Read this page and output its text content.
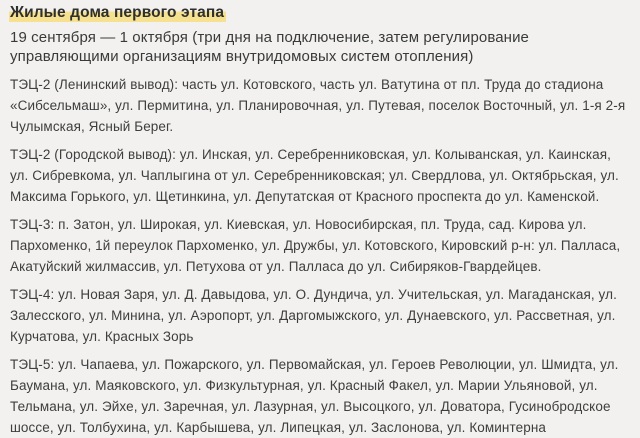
Жилые дома первого этапа

19 сентября — 1 октября (три дня на подключение, затем регулирование управляющими организациям внутридомовых систем отопления)

ТЭЦ-2 (Ленинский вывод): часть ул. Котовского, часть ул. Ватутина от пл. Труда до стадиона «Сибсельмаш», ул. Пермитина, ул. Планировочная, ул. Путевая, поселок Восточный, ул. 1-я 2-я Чулымская, Ясный Берег.

ТЭЦ-2 (Городской вывод): ул. Инская, ул. Серебренниковская, ул. Колыванская, ул. Каинская, ул. Сибревкома, ул. Чаплыгина от ул. Серебренниковская; ул. Свердлова, ул. Октябрьская, ул. Максима Горького, ул. Щетинкина, ул. Депутатская от Красного проспекта до ул. Каменской.

ТЭЦ-3: п. Затон, ул. Широкая, ул. Киевская, ул. Новосибирская, пл. Труда, сад. Кирова ул. Пархоменко, 1й переулок Пархоменко, ул. Дружбы, ул. Котовского, Кировский р-н: ул. Палласа, Акатуйский жилмассив, ул. Петухова от ул. Палласа до ул. Сибиряков-Гвардейцев.

ТЭЦ-4: ул. Новая Заря, ул. Д. Давыдова, ул. О. Дундича, ул. Учительская, ул. Магаданская, ул. Залесского, ул. Минина, ул. Аэропорт, ул. Даргомыжского, ул. Дунаевского, ул. Рассветная, ул. Курчатова, ул. Красных Зорь

ТЭЦ-5: ул. Чапаева, ул. Пожарского, ул. Первомайская, ул. Героев Революции, ул. Шмидта, ул. Баумана, ул. Маяковского, ул. Физкультурная, ул. Красный Факел, ул. Марии Ульяновой, ул. Тельмана, ул. Эйхе, ул. Заречная, ул. Лазурная, ул. Высоцкого, ул. Доватора, Гусинобродское шоссе, ул. Толбухина, ул. Карбышева, ул. Липецкая, ул. Заслонова, ул. Коминтерна
